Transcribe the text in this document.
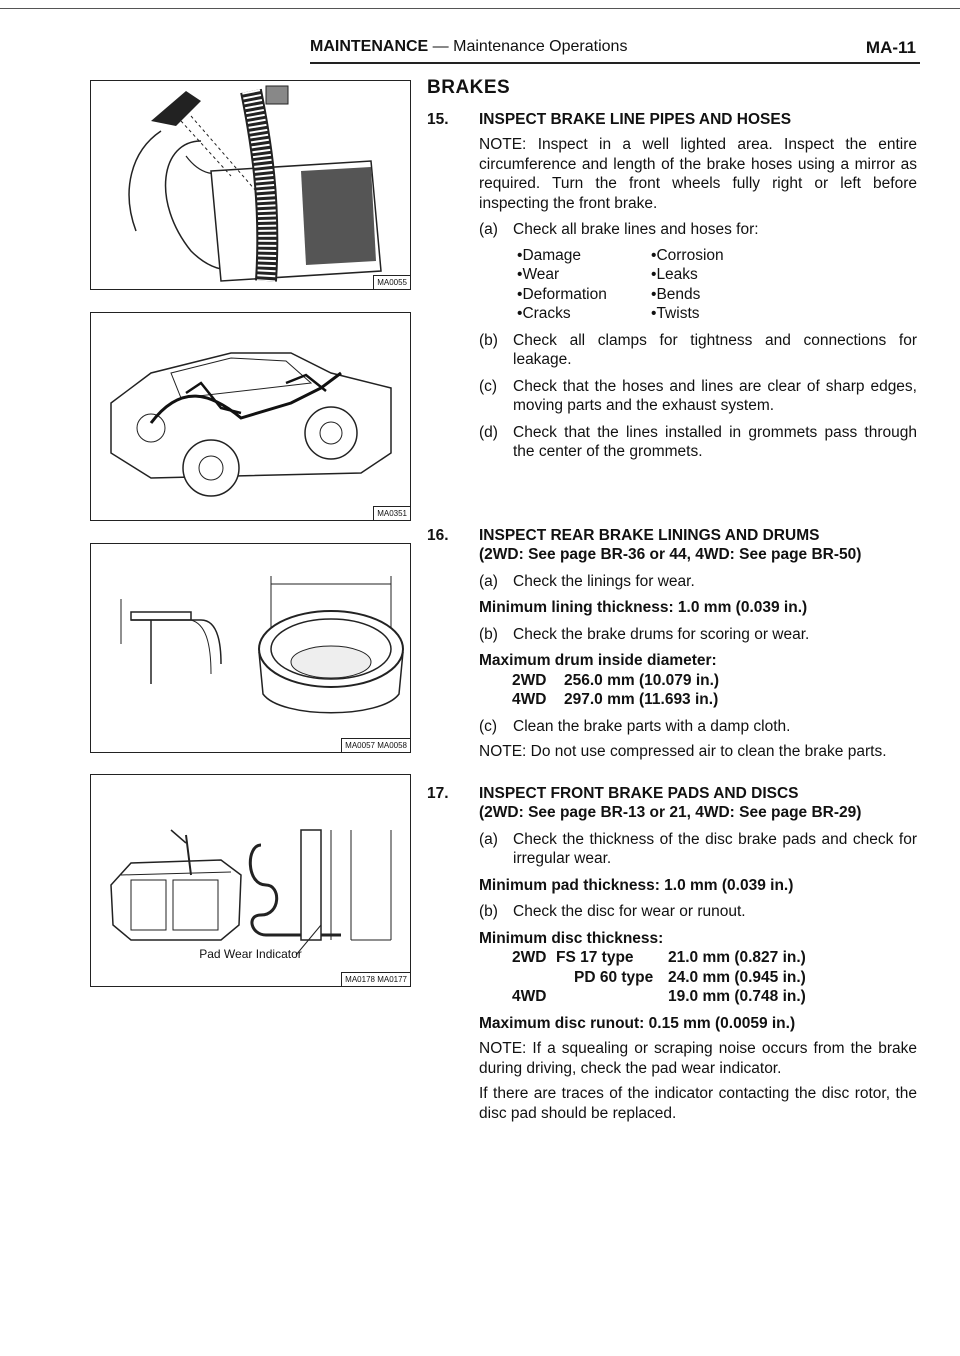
MAINTENANCE — Maintenance Operations	MA-11
MA0055
MA0351
MA0057 MA0058
Pad Wear Indicator
MA0178 MA0177
BRAKES
15.	INSPECT BRAKE LINE PIPES AND HOSES
NOTE: Inspect in a well lighted area. Inspect the entire circumference and length of the brake hoses using a mirror as required. Turn the front wheels fully right or left before inspecting the front brake.
(a) Check all brake lines and hoses for:
• Damage	• Corrosion
• Wear	• Leaks
• Deformation	• Bends
• Cracks	• Twists
(b) Check all clamps for tightness and connections for leakage.
(c)	Check that the hoses and lines are clear of sharp edges, moving parts and the exhaust system.
(d) Check that the lines installed in grommets pass through the center of the grommets.
16.	INSPECT REAR BRAKE LININGS AND DRUMS
(2WD: See page BR-36 or 44, 4WD: See page BR-50)
(a) Check the linings for wear.
Minimum lining thickness: 1.0 mm (0.039 in.)
(b) Check the brake drums for scoring or wear.
Maximum drum inside diameter:
2WD	256.0 mm (10.079 in.)
4WD	297.0 mm (11.693 in.)
(c)	Clean the brake parts with a damp cloth.
NOTE: Do not use compressed air to clean the brake parts.
17.	INSPECT FRONT BRAKE PADS AND DISCS
(2WD: See page BR-13 or 21, 4WD: See page BR-29)
(a) Check the thickness of the disc brake pads and check for irregular wear.
Minimum pad thickness: 1.0 mm (0.039 in.)
(b) Check the disc for wear or runout.
Minimum disc thickness:
2WD FS 17 type	21.0 mm (0.827 in.)
PD 60 type 24.0 mm (0.945 in.)
4WD	19.0 mm (0.748 in.)
Maximum disc runout: 0.15 mm (0.0059 in.)
NOTE: If a squealing or scraping noise occurs from the brake during driving, check the pad wear indicator.
If there are traces of the indicator contacting the disc rotor, the disc pad should be replaced.
